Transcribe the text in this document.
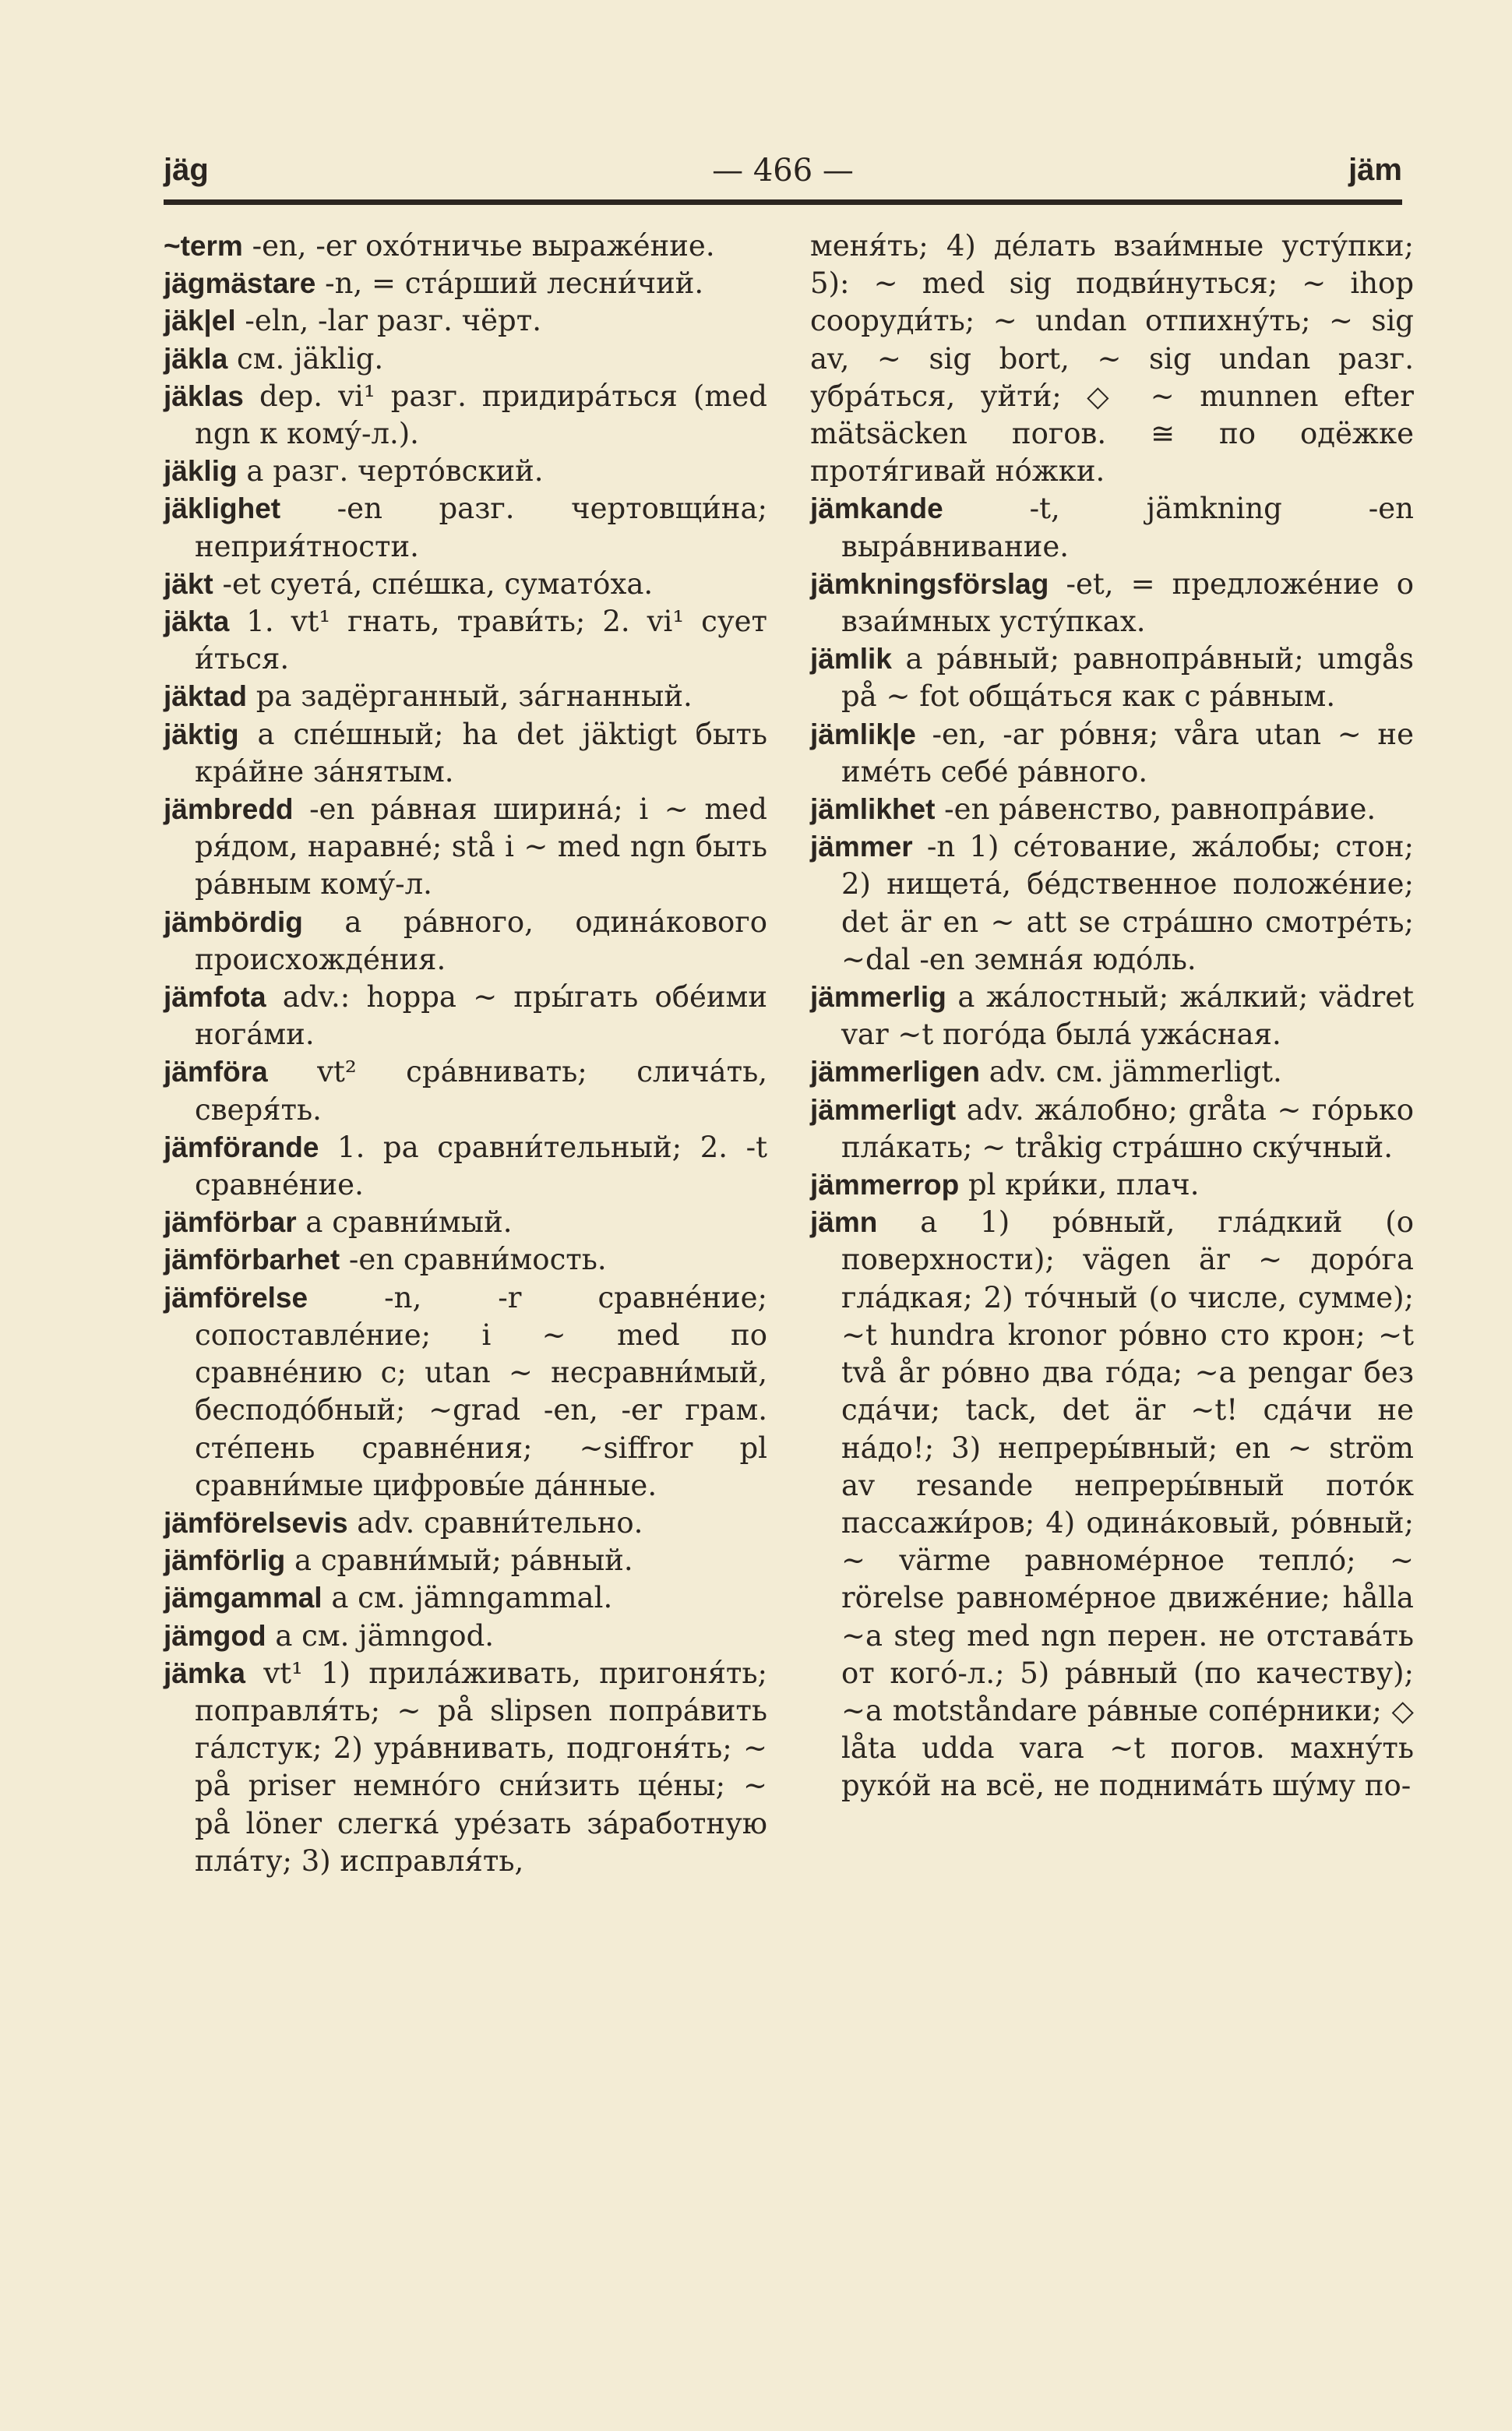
jäg	— 466 —	jäm

~term -en, -er охо́тничье выраже́ние.

jägmästare -n, = ста́рший лесни́чий.

jäk|el -eln, -lar разг. чёрт.

jäkla см. jäklig.

jäklas dep. vi¹ разг. придира́ться (med ngn к кому́-л.).

jäklig a разг. черто́вский.

jäklighet -en разг. чертовщи́на; неприя́тности.

jäkt -et суета́, спе́шка, сумато́ха.

jäkta 1. vt¹ гнать, трави́ть; 2. vi¹ сует и́ться.

jäktad pa задёрганный, за́гнанный.

jäktig a спе́шный; ha det jäktigt быть кра́йне за́нятым.

jämbredd -en ра́вная ширина́; i ~ med ря́дом, наравне́; stå i ~ med ngn быть ра́вным кому́-л.

jämbördig a ра́вного, одина́кового происхожде́ния.

jämfota adv.: hoppa ~ пры́гать обе́ими нога́ми.

jämföra vt² сра́внивать; слича́ть, сверя́ть.

jämförande 1. pa сравни́тельный; 2. -t сравне́ние.

jämförbar a сравни́мый.

jämförbarhet -en сравни́мость.

jämförelse -n, -r сравне́ние; сопоставле́ние; i ~ med по сравне́нию с; utan ~ несравни́мый, бесподо́бный; ~grad -en, -er грам. сте́пень сравне́ния; ~siffror pl сравни́мые цифровы́е да́нные.

jämförelsevis adv. сравни́тельно.

jämförlig a сравни́мый; ра́вный.

jämgammal a см. jämngammal.

jämgod a см. jämngod.

jämka vt¹ 1) прила́живать, пригоня́ть; поправля́ть; ~ på slipsen попра́вить га́лстук; 2) ура́внивать, подгоня́ть; ~ på priser немно́го сни́зить це́ны; ~ på löner слегка́ уре́зать за́работную пла́ту; 3) исправля́ть,

меня́ть; 4) де́лать взаи́мные усту́пки; 5): ~ med sig подви́нуться; ~ ihop сооруди́ть; ~ undan отпихну́ть; ~ sig av, ~ sig bort, ~ sig undan разг. убра́ться, уйти́; ◇ ~ munnen efter mätsäcken погов. ≅ по одёжке протя́гивай но́жки.

jämkande -t, jämkning -en выра́внивание.

jämkningsförslag -et, = предложе́ние о взаи́мных усту́пках.

jämlik a ра́вный; равнопра́вный; umgås på ~ fot обща́ться как с ра́вным.

jämlik|e -en, -ar ро́вня; våra utan ~ не име́ть себе́ ра́вного.

jämlikhet -en ра́венство, равнопра́вие.

jämmer -n 1) се́тование, жа́лобы; стон; 2) нищета́, бе́дственное положе́ние; det är en ~ att se стра́шно смотре́ть; ~dal -en земна́я юдо́ль.

jämmerlig a жа́лостный; жа́лкий; vädret var ~t пого́да была́ ужа́сная.

jämmerligen adv. см. jämmerligt.

jämmerligt adv. жа́лобно; gråta ~ го́рько пла́кать; ~ tråkig стра́шно ску́чный.

jämmerrop pl кри́ки, плач.

jämn a 1) ро́вный, гла́дкий (о поверхности); vägen är ~ доро́га гла́дкая; 2) то́чный (о числе, сумме); ~t hundra kronor ро́вно сто крон; ~t två år ро́вно два го́да; ~a pengar без сда́чи; tack, det är ~t! сда́чи не на́до!; 3) непреры́вный; en ~ ström av resande непреры́вный пото́к пассажи́ров; 4) одина́ковый, ро́вный; ~ värme равноме́рное тепло́; ~ rörelse равноме́рное движе́ние; hålla ~a steg med ngn перен. не отстава́ть от кого́-л.; 5) ра́вный (по качеству); ~a motståndare ра́вные сопе́рники; ◇ låta udda vara ~t погов. махну́ть руко́й на всё, не поднима́ть шу́му по-
